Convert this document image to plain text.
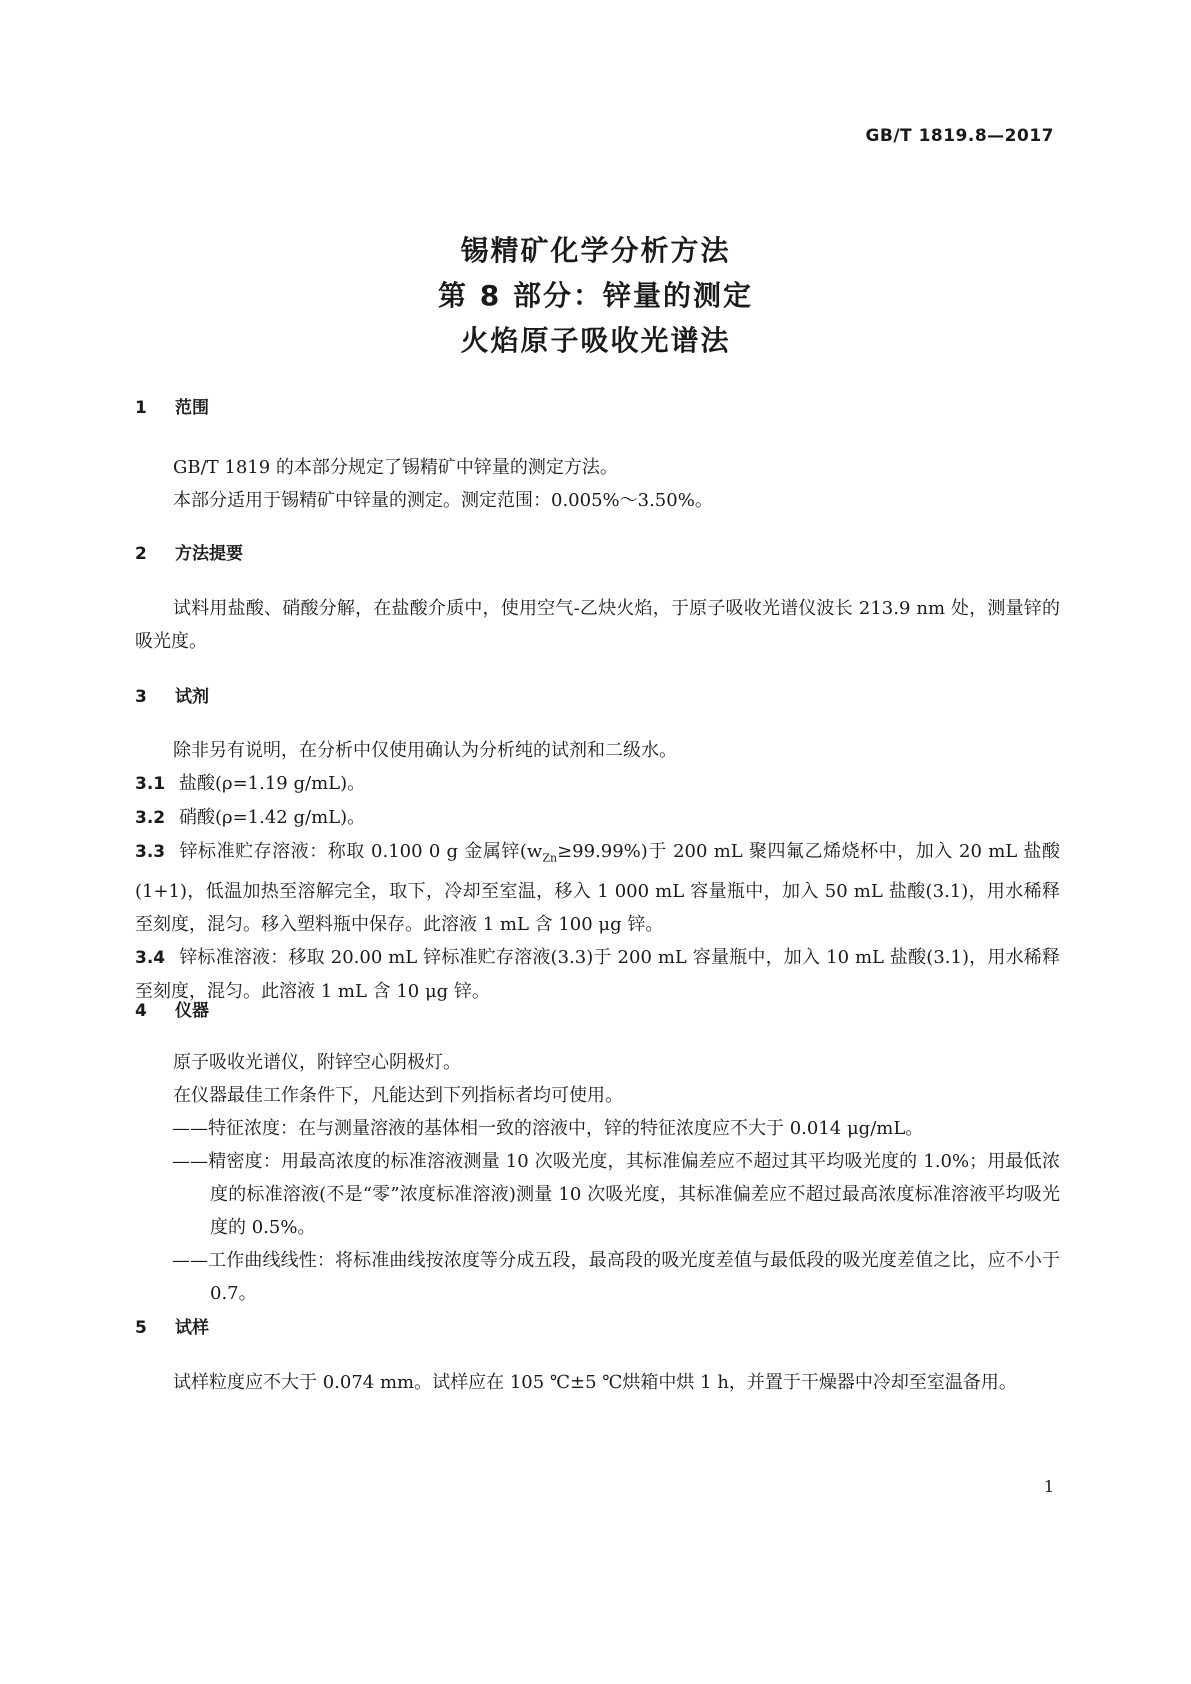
GB/T 1819.8—2017
锡精矿化学分析方法
第 8 部分：锌量的测定
火焰原子吸收光谱法
1 范围

GB/T 1819 的本部分规定了锡精矿中锌量的测定方法。

本部分适用于锡精矿中锌量的测定。测定范围：0.005%～3.50%。

2 方法提要

试料用盐酸、硝酸分解，在盐酸介质中，使用空气-乙炔火焰，于原子吸收光谱仪波长 213.9 nm 处，测量锌的吸光度。

3 试剂

除非另有说明，在分析中仅使用确认为分析纯的试剂和二级水。

3.1 盐酸(ρ=1.19 g/mL)。

3.2 硝酸(ρ=1.42 g/mL)。

3.3 锌标准贮存溶液：称取 0.100 0 g 金属锌$(w_{Zn}\ge 99.99\%)$于 200 mL 聚四氟乙烯烧杯中，加入 20 mL 盐酸(1+1)，低温加热至溶解完全，取下，冷却至室温，移入 1 000 mL 容量瓶中，加入 50 mL 盐酸(3.1)，用水稀释至刻度，混匀。移入塑料瓶中保存。此溶液 1 mL 含 100 μg 锌。

3.4 锌标准溶液：移取 20.00 mL 锌标准贮存溶液(3.3)于 200 mL 容量瓶中，加入 10 mL 盐酸(3.1)，用水稀释至刻度，混匀。此溶液 1 mL 含 10 μg 锌。

4 仪器

原子吸收光谱仪，附锌空心阴极灯。

在仪器最佳工作条件下，凡能达到下列指标者均可使用。

——特征浓度：在与测量溶液的基体相一致的溶液中，锌的特征浓度应不大于 0.014 μg/mL。

——精密度：用最高浓度的标准溶液测量 10 次吸光度，其标准偏差应不超过其平均吸光度的 1.0%；用最低浓度的标准溶液(不是“零”浓度标准溶液)测量 10 次吸光度，其标准偏差应不超过最高浓度标准溶液平均吸光度的 0.5%。

——工作曲线线性：将标准曲线按浓度等分成五段，最高段的吸光度差值与最低段的吸光度差值之比，应不小于 0.7。

5 试样

试样粒度应不大于 0.074 mm。试样应在 105 ℃±5 ℃烘箱中烘 1 h，并置于干燥器中冷却至室温备用。

1
